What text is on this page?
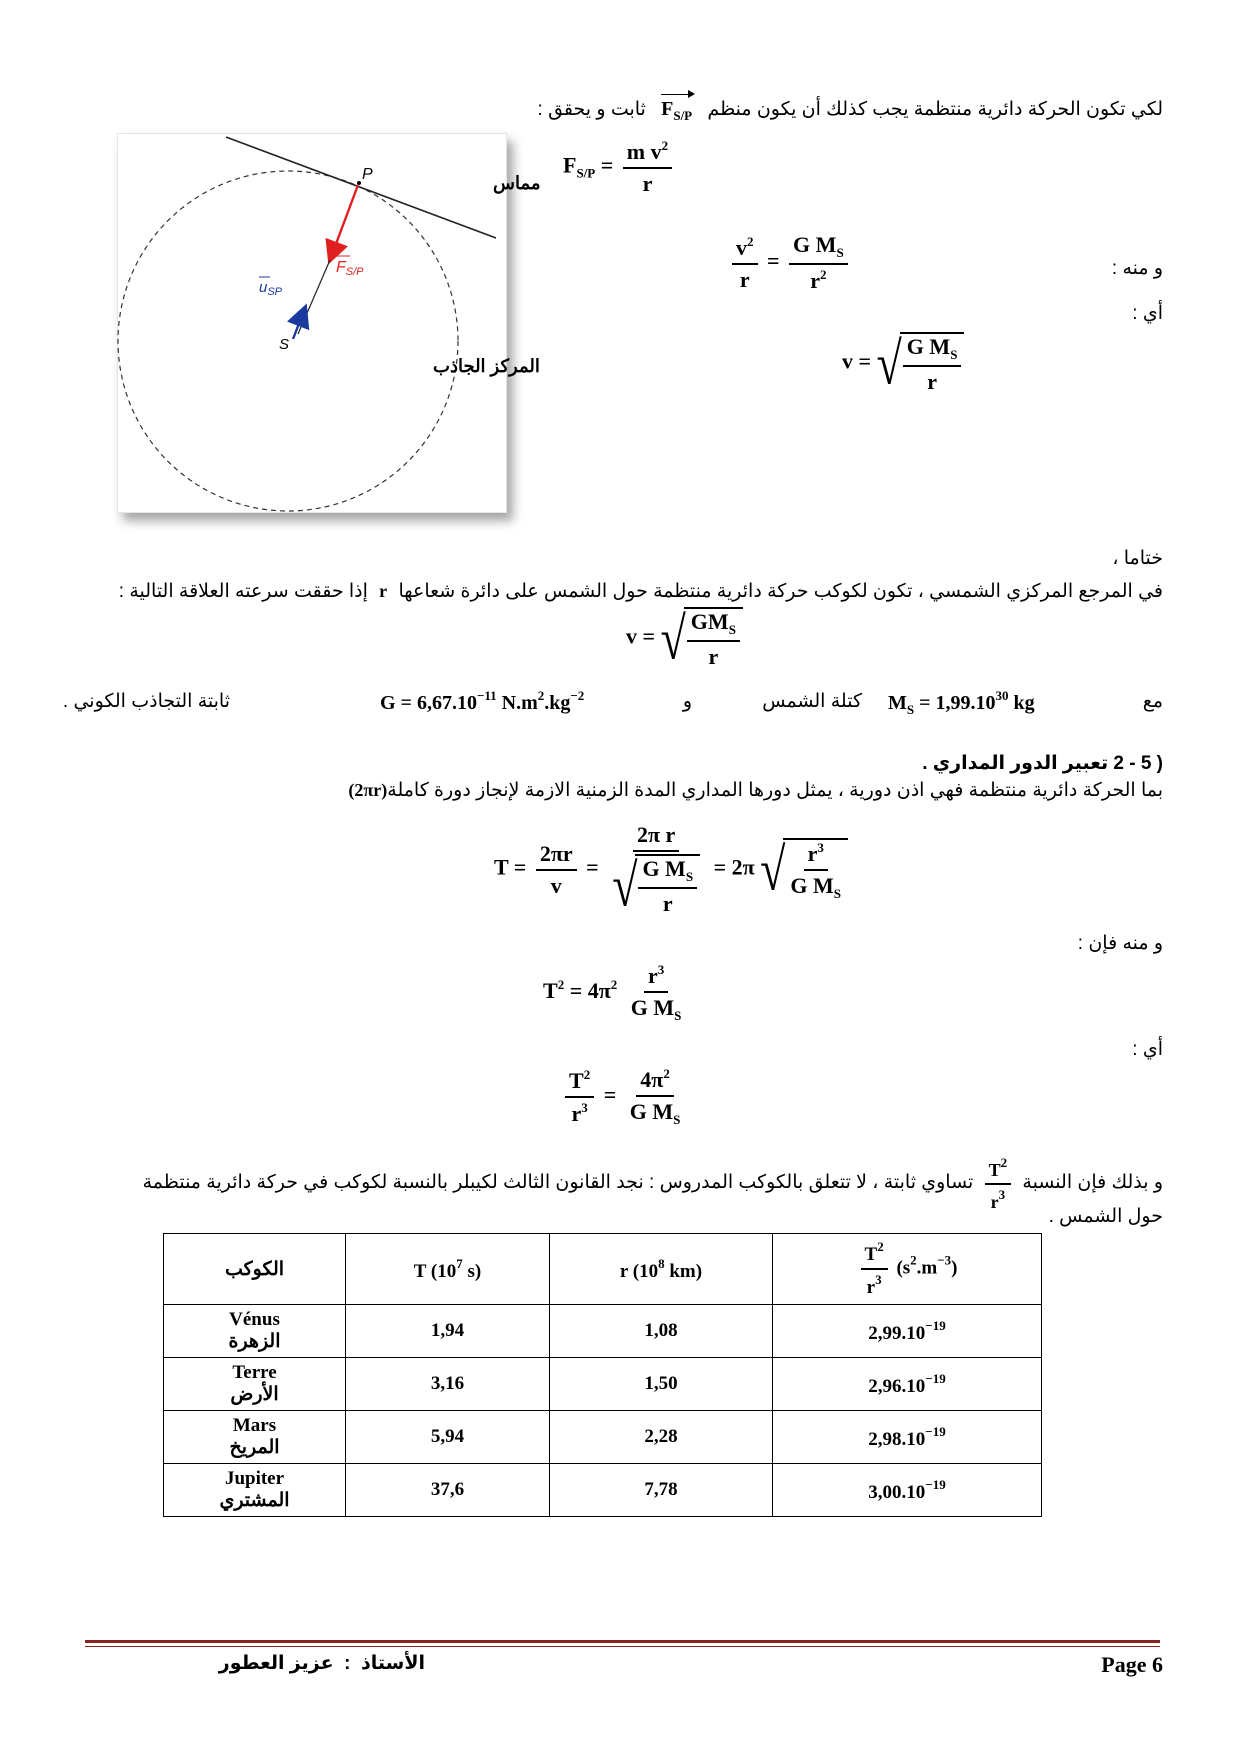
لكي تكون الحركة دائرية منتظمة يجب كذلك أن يكون منظم $F_{S/P}$ ثابت و يحقق :
$F_{S/P} = \frac{m v^2}{r}$
و منه :
$\frac{v^2}{r} = \frac{G M_S}{r^2}$
أي :
v = √ $\frac{G M_S}{r}$
P
S
FS/P
$u_{SP}$
مماس
المركز الجاذب
ختاما ،
في المرجع المركزي الشمسي ، تكون لكوكب حركة دائرية منتظمة حول الشمس على دائرة شعاعها r إذا حققت سرعته العلاقة التالية :
v = √ $\frac{GM_S}{r}$
مع
$M_S = 1,99.10^{30}$ kg
كتلة الشمس
و
$G = 6,67.10^{-11}$ $N.m^2.kg^{-2}$
ثابتة التجاذب الكوني .
2 - 5 ) تعبير الدور المداري .
بما الحركة دائرية منتظمة فهي اذن دورية ، يمثل دورها المداري المدة الزمنية الازمة لإنجاز دورة كاملة(2πr)
$T = \frac{2\pi r}{v} = \frac{\text{2π r}}{√ \frac{G M_S}{r}} = 2\pi$ √ $\frac{r^3}{G M_S}$
و منه فإن :
$T^2 = 4\pi^2 \frac{r^3}{G M_S}$
أي :
$\frac{T^2}{r^3} = \frac{4\pi^2}{G M_S}$
و بذلك فإن النسبة
$\frac{T^2}{r^3}$
تساوي ثابتة ، لا تتعلق بالكوكب المدروس : نجد القانون الثالث لكيبلر بالنسبة لكوكب في حركة دائرية منتظمة
حول الشمس .
الكوكب	T ($10^7$ s)	r ($10^8$ km)	$\frac{T^2}{r^3} (s^2.m^{-3})$

Vénus
الزهرة	1,94	1,08	$2,99.10^{-19}$

Terre
الأرض	3,16	1,50	$2,96.10^{-19}$

Mars
المريخ	5,94	2,28	$2,98.10^{-19}$

Jupiter
المشتري	37,6	7,78	$3,00.10^{-19}$
Page 6
الأستاذ  :  عزيز العطور
